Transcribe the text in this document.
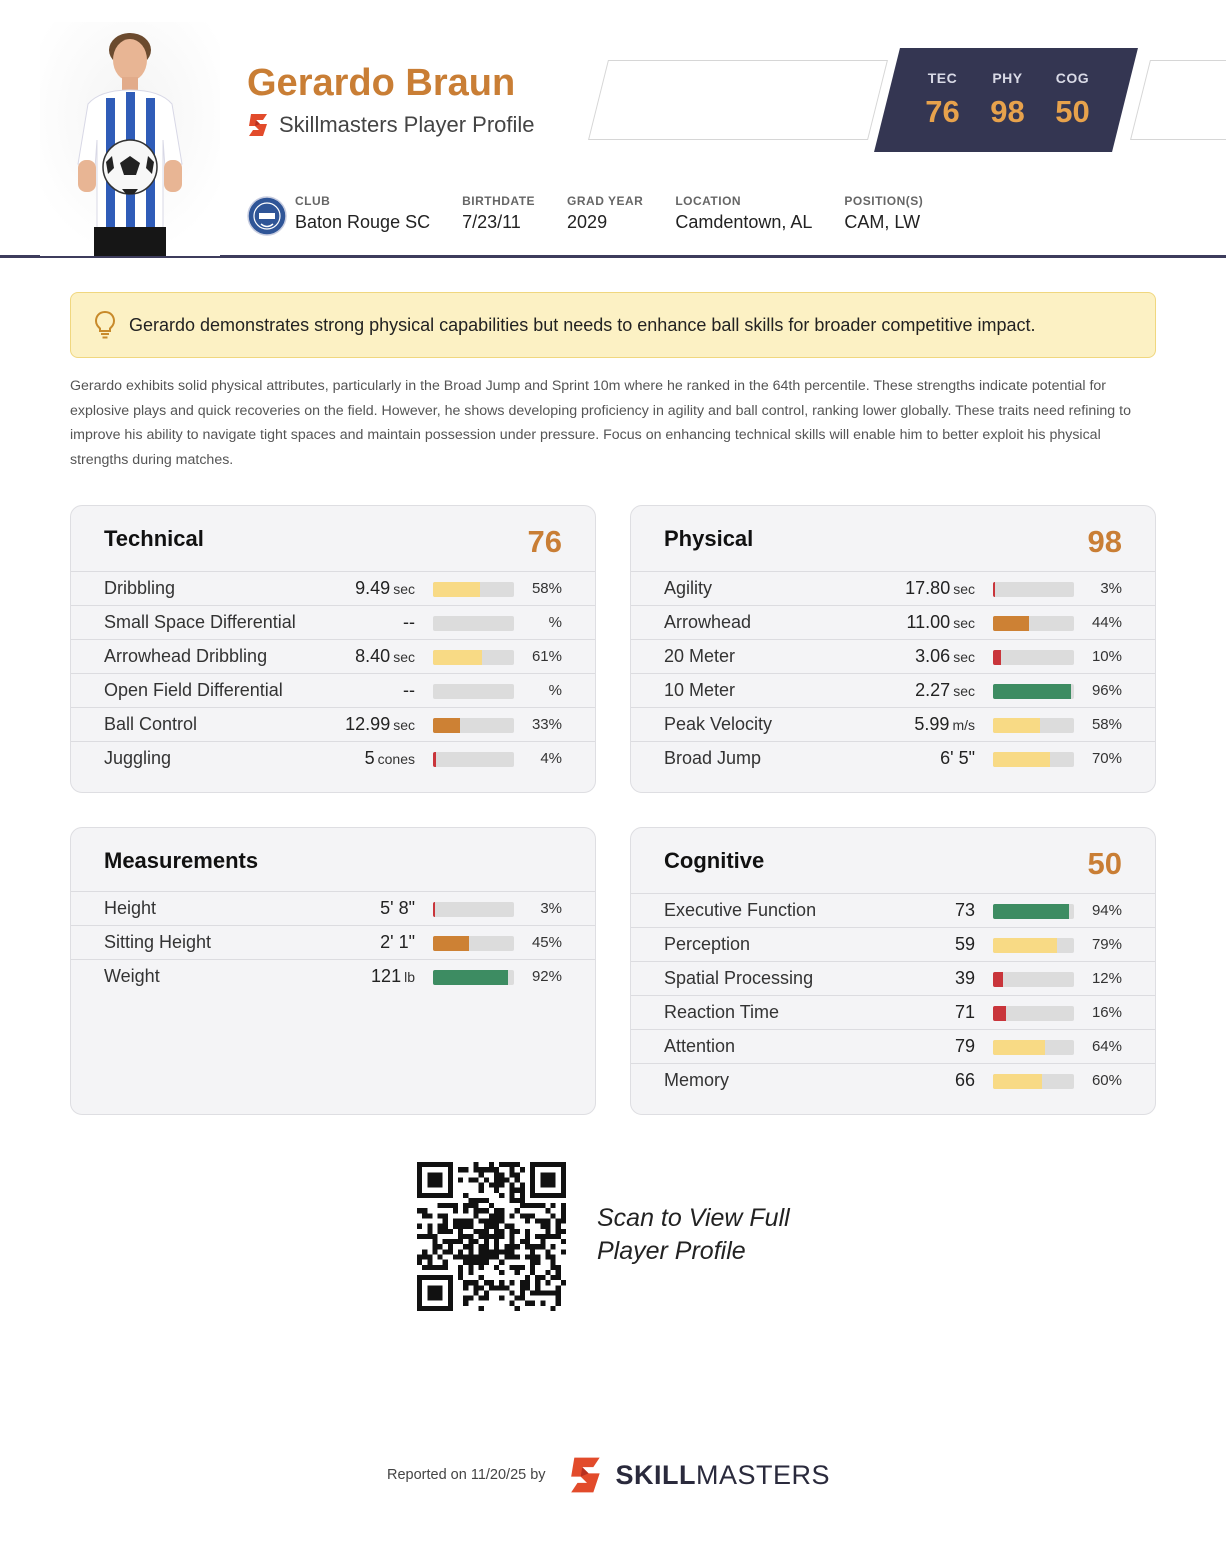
Gerardo Braun
Skillmasters Player Profile
TEC
76
PHY
98
COG
50
CLUB
Baton Rouge SC
BIRTHDATE
7/23/11
GRAD YEAR
2029
LOCATION
Camdentown, AL
POSITION(S)
CAM, LW
Gerardo demonstrates strong physical capabilities but needs to enhance ball skills for broader competitive impact.
Gerardo exhibits solid physical attributes, particularly in the Broad Jump and Sprint 10m where he ranked in the 64th percentile. These strengths indicate potential for explosive plays and quick recoveries on the field. However, he shows developing proficiency in agility and ball control, ranking lower globally. These traits need refining to improve his ability to navigate tight spaces and maintain possession under pressure. Focus on enhancing technical skills will enable him to better exploit his physical strengths during matches.
Technical	76
Dribbling	9.49 sec	58%
Small Space Differential	--	%
Arrowhead Dribbling	8.40 sec	61%
Open Field Differential	--	%
Ball Control	12.99 sec	33%
Juggling	5 cones	4%
Physical	98
Agility	17.80 sec	3%
Arrowhead	11.00 sec	44%
20 Meter	3.06 sec	10%
10 Meter	2.27 sec	96%
Peak Velocity	5.99 m/s	58%
Broad Jump	6' 5"	70%
Measurements
Height	5' 8"	3%
Sitting Height	2' 1"	45%
Weight	121 lb	92%
Cognitive	50
Executive Function	73	94%
Perception	59	79%
Spatial Processing	39	12%
Reaction Time	71	16%
Attention	79	64%
Memory	66	60%
Scan to View Full Player Profile
Reported on 11/20/25 by	SKILLMASTERS
